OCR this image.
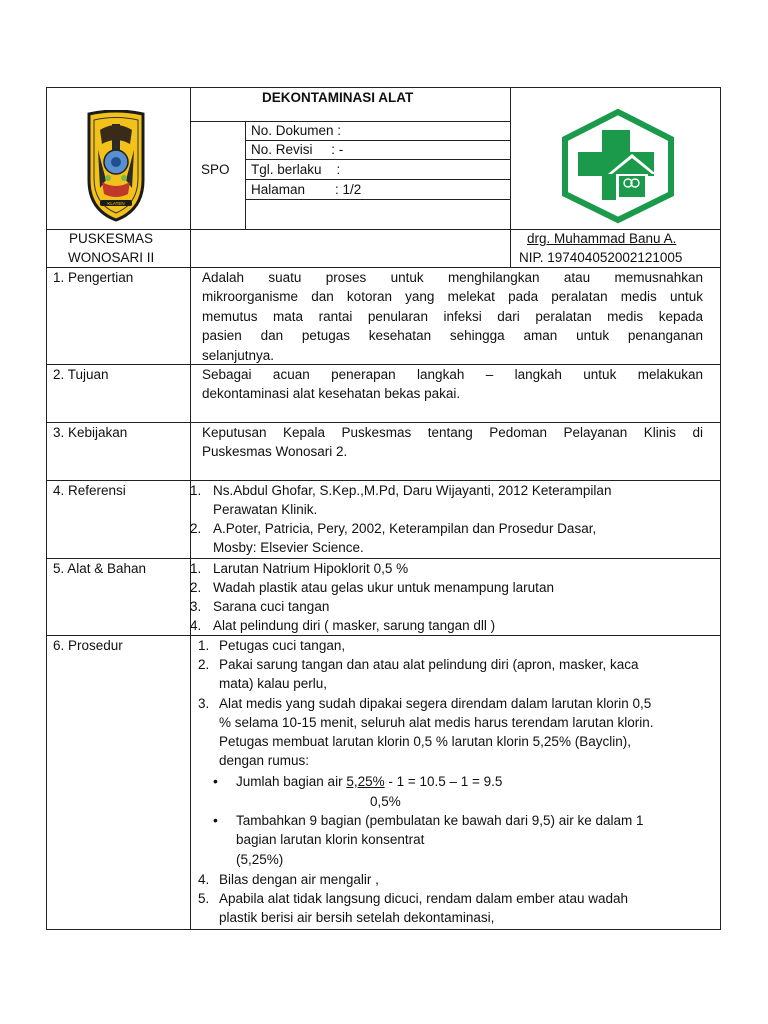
KLATEN
DEKONTAMINASI ALAT
SPO
No. Dokumen :
No. Revisi     : -
Tgl. berlaku    :
Halaman        : 1/2
PUSKESMAS
WONOSARI II
drg. Muhammad Banu A.
NIP. 197404052002121005
1. Pengertian	Adalah suatu proses untuk menghilangkan atau memusnahkan
mikroorganisme dan kotoran yang melekat pada peralatan medis untuk
memutus mata rantai penularan infeksi dari peralatan medis kepada
pasien dan petugas kesehatan sehingga aman untuk penanganan
selanjutnya.
2. Tujuan	Sebagai acuan penerapan langkah – langkah untuk melakukan
dekontaminasi alat kesehatan bekas pakai.
3. Kebijakan	Keputusan Kepala Puskesmas tentang Pedoman Pelayanan Klinis di
Puskesmas Wonosari 2.
4. Referensi	1. Ns.Abdul Ghofar, S.Kep.,M.Pd, Daru Wijayanti, 2012 Keterampilan
Perawatan Klinik.
2. A.Poter, Patricia, Pery, 2002, Keterampilan dan Prosedur Dasar,
Mosby: Elsevier Science.
5. Alat & Bahan	1. Larutan Natrium Hipoklorit 0,5 %
2. Wadah plastik atau gelas ukur untuk menampung larutan
3. Sarana cuci tangan
4. Alat pelindung diri ( masker, sarung tangan dll )
6. Prosedur	1. Petugas cuci tangan,
2. Pakai sarung tangan dan atau alat pelindung diri (apron, masker, kaca
mata) kalau perlu,
3. Alat medis yang sudah dipakai segera direndam dalam larutan klorin 0,5
% selama 10-15 menit, seluruh alat medis harus terendam larutan klorin.
Petugas membuat larutan klorin 0,5 % larutan klorin 5,25% (Bayclin),
dengan rumus:
• Jumlah bagian air 5,25% - 1 = 10.5 – 1 = 9.5
0,5%
• Tambahkan 9 bagian (pembulatan ke bawah dari 9,5) air ke dalam 1
bagian larutan klorin konsentrat
(5,25%)
4. Bilas dengan air mengalir ,
5. Apabila alat tidak langsung dicuci, rendam dalam ember atau wadah
plastik berisi air bersih setelah dekontaminasi,
